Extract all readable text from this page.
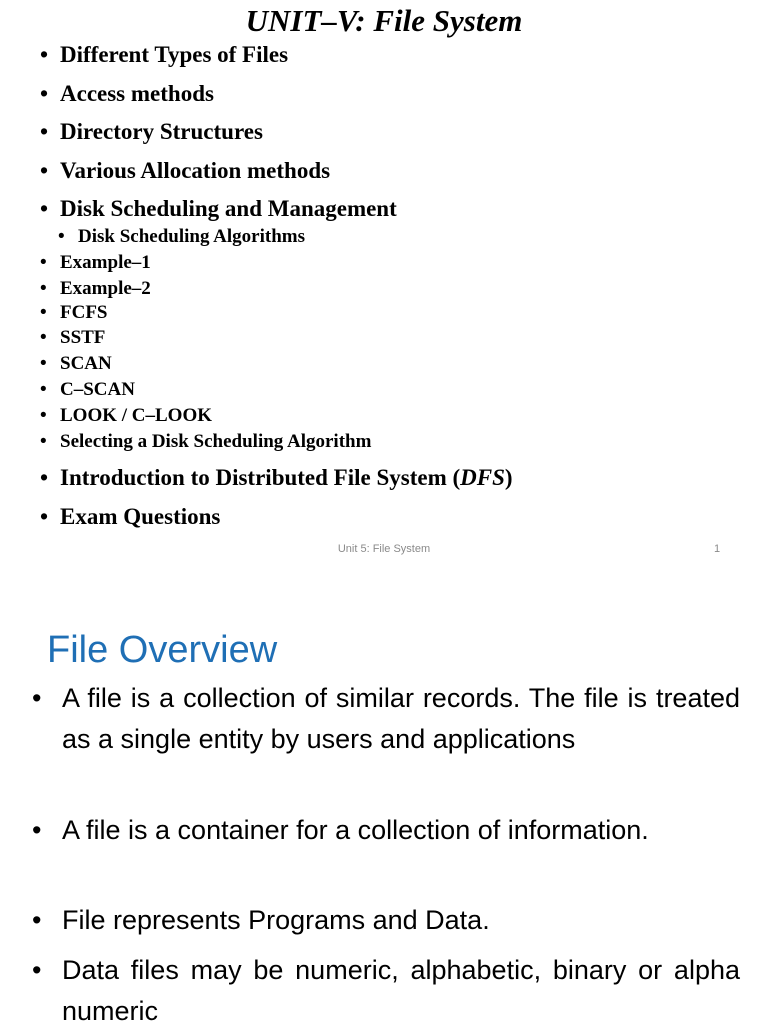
UNIT–V: File System

• Different Types of Files

• Access methods

• Directory Structures

• Various Allocation methods

• Disk Scheduling and Management

• Disk Scheduling Algorithms

• Example–1

• Example–2

• FCFS

• SSTF

• SCAN

• C–SCAN

• LOOK / C–LOOK

• Selecting a Disk Scheduling Algorithm

• Introduction to Distributed File System (DFS)

• Exam Questions

Unit 5: File System	1
File Overview
• A file is a collection of similar records. The file is treated as a single entity by users and applications
• A file is a container for a collection of information.
• File represents Programs and Data.
• Data files may be numeric, alphabetic, binary or alpha numeric
